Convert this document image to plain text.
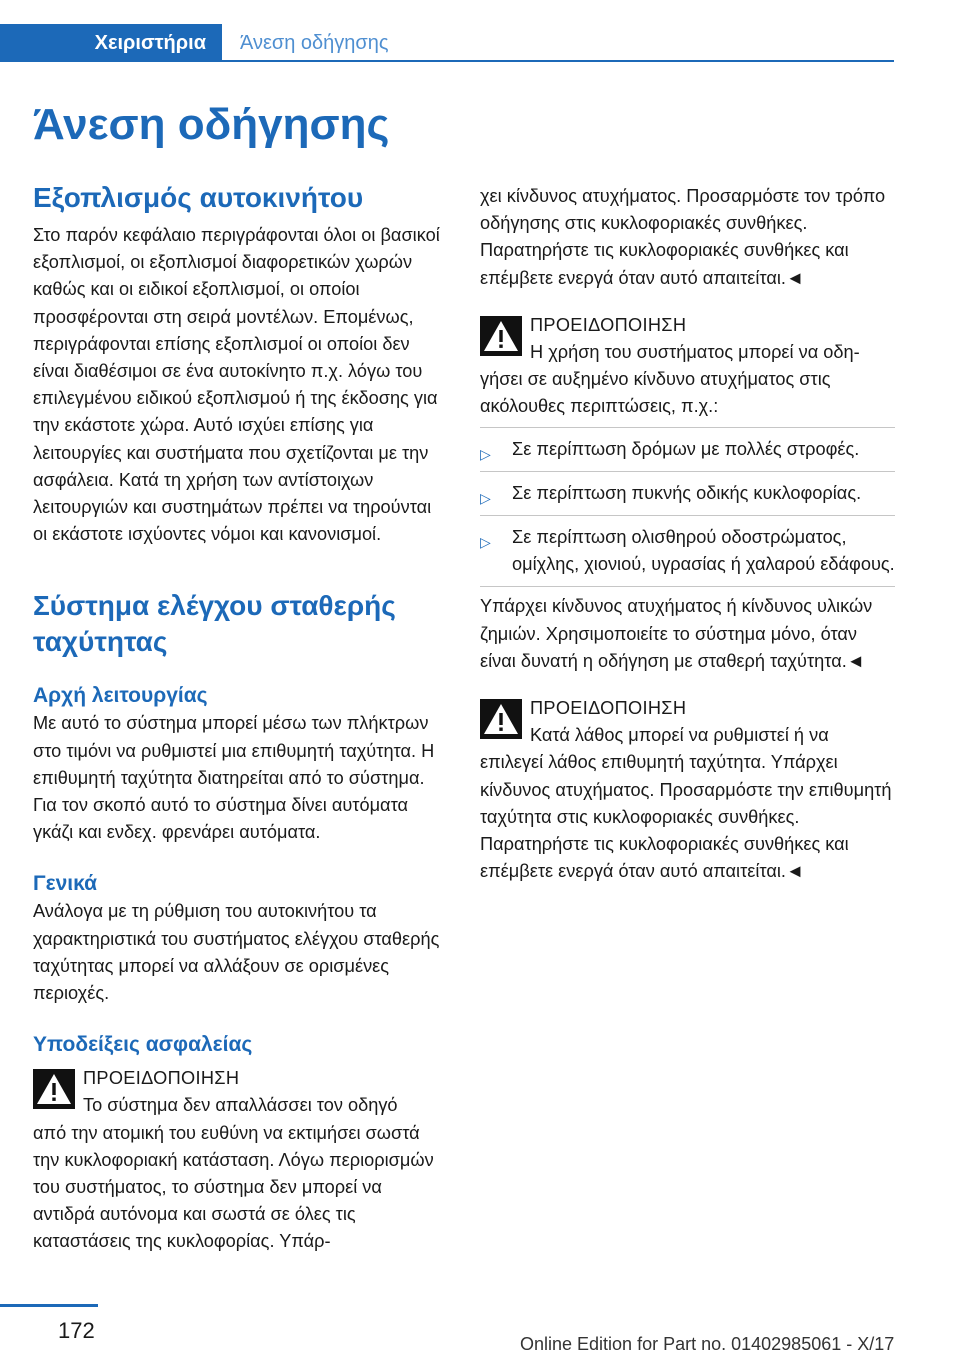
Χειριστήρια Άνεση οδήγησης
Άνεση οδήγησης
Εξοπλισμός αυτοκινήτου

Στο παρόν κεφάλαιο περιγράφονται όλοι οι βασικοί εξοπλισμοί, οι εξοπλισμοί διαφορετικών χωρών καθώς και οι ειδικοί εξοπλισμοί, οι οποίοι προσφέρονται στη σειρά μοντέλων. Επομένως, περιγράφονται επίσης εξοπλισμοί οι οποίοι δεν είναι διαθέσιμοι σε ένα αυτοκίνητο π.χ. λόγω του επιλεγμένου ειδικού εξοπλισμού ή της έκδοσης για την εκάστοτε χώρα. Αυτό ισχύει επίσης για λειτουργίες και συστήματα που σχετίζονται με την ασφάλεια. Κατά τη χρήση των αντίστοιχων λειτουργιών και συστημάτων πρέπει να τηρούνται οι εκάστοτε ισχύοντες νόμοι και κανονισμοί.

Σύστημα ελέγχου σταθερής ταχύτητας
Αρχή λειτουργίας

Με αυτό το σύστημα μπορεί μέσω των πλήκτρων στο τιμόνι να ρυθμιστεί μια επιθυμητή ταχύτητα. Η επιθυμητή ταχύτητα διατηρείται από το σύστημα. Για τον σκοπό αυτό το σύστημα δίνει αυτόματα γκάζι και ενδεχ. φρενάρει αυτόματα.

Γενικά

Ανάλογα με τη ρύθμιση του αυτοκινήτου τα χαρακτηριστικά του συστήματος ελέγχου σταθερής ταχύτητας μπορεί να αλλάξουν σε ορισμένες περιοχές.

Υποδείξεις ασφαλείας

ΠΡΟΕΙΔΟΠΟΙΗΣΗ

Το σύστημα δεν απαλλάσσει τον οδηγό

από την ατομική του ευθύνη να εκτιμήσει σωστά την κυκλοφοριακή κατάσταση. Λόγω περιορισμών του συστήματος, το σύστημα δεν μπορεί να αντιδρά αυτόνομα και σωστά σε όλες τις καταστάσεις της κυκλοφορίας. Υπάρ-

χει κίνδυνος ατυχήματος. Προσαρμόστε τον τρόπο οδήγησης στις κυκλοφοριακές συνθήκες. Παρατηρήστε τις κυκλοφοριακές συνθήκες και επέμβετε ενεργά όταν αυτό απαιτείται.◄

ΠΡΟΕΙΔΟΠΟΙΗΣΗ

Η χρήση του συστήματος μπορεί να οδη-

γήσει σε αυξημένο κίνδυνο ατυχήματος στις ακόλουθες περιπτώσεις, π.χ.:

▷ Σε περίπτωση δρόμων με πολλές στροφές.
▷ Σε περίπτωση πυκνής οδικής κυκλοφορίας.
▷ Σε περίπτωση ολισθηρού οδοστρώματος, ομίχλης, χιονιού, υγρασίας ή χαλαρού εδάφους.

Υπάρχει κίνδυνος ατυχήματος ή κίνδυνος υλικών ζημιών. Χρησιμοποιείτε το σύστημα μόνο, όταν είναι δυνατή η οδήγηση με σταθερή ταχύτητα.◄

ΠΡΟΕΙΔΟΠΟΙΗΣΗ

Κατά λάθος μπορεί να ρυθμιστεί ή να

επιλεγεί λάθος επιθυμητή ταχύτητα. Υπάρχει κίνδυνος ατυχήματος. Προσαρμόστε την επιθυμητή ταχύτητα στις κυκλοφοριακές συνθήκες. Παρατηρήστε τις κυκλοφοριακές συνθήκες και επέμβετε ενεργά όταν αυτό απαιτείται.◄

172
Online Edition for Part no. 01402985061 - X/17
